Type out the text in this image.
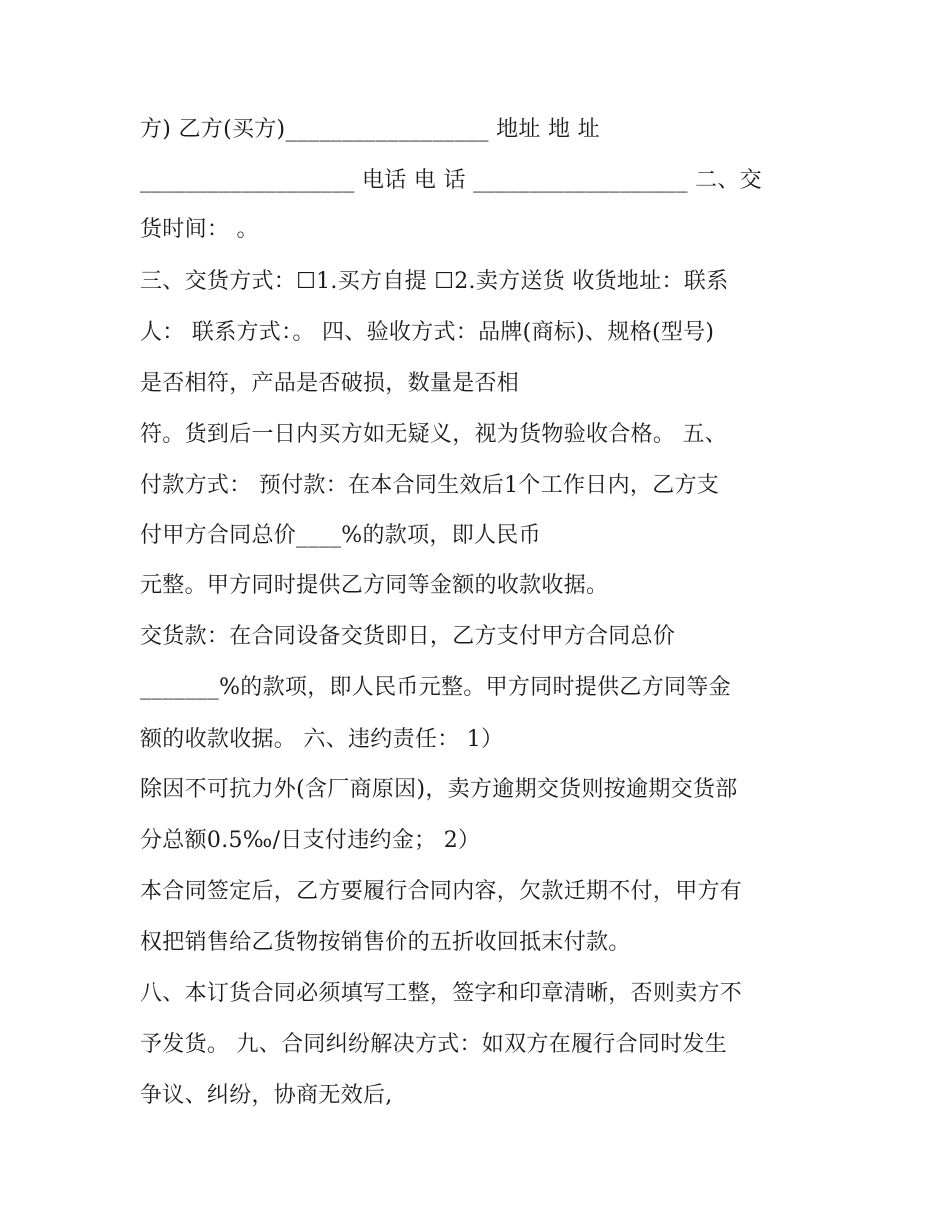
方) 乙方(买方)__________________ 地址 地 址

___________________ 电话 电 话 ___________________ 二、交

货时间： 。

三、交货方式：☐1.买方自提 ☐2.卖方送货 收货地址：联系

人： 联系方式：。 四、验收方式：品牌(商标)、规格(型号)

是否相符，产品是否破损，数量是否相

符。货到后一日内买方如无疑义，视为货物验收合格。 五、

付款方式： 预付款：在本合同生效后1个工作日内，乙方支

付甲方合同总价____%的款项，即人民币

元整。甲方同时提供乙方同等金额的收款收据。

交货款：在合同设备交货即日，乙方支付甲方合同总价

_______%的款项，即人民币元整。甲方同时提供乙方同等金

额的收款收据。 六、违约责任： 1）

除因不可抗力外(含厂商原因)，卖方逾期交货则按逾期交货部

分总额0.5‰/日支付违约金； 2）

本合同签定后，乙方要履行合同内容，欠款迁期不付，甲方有

权把销售给乙货物按销售价的五折收回抵末付款。

八、本订货合同必须填写工整，签字和印章清晰，否则卖方不

予发货。 九、合同纠纷解决方式：如双方在履行合同时发生

争议、纠纷，协商无效后,
